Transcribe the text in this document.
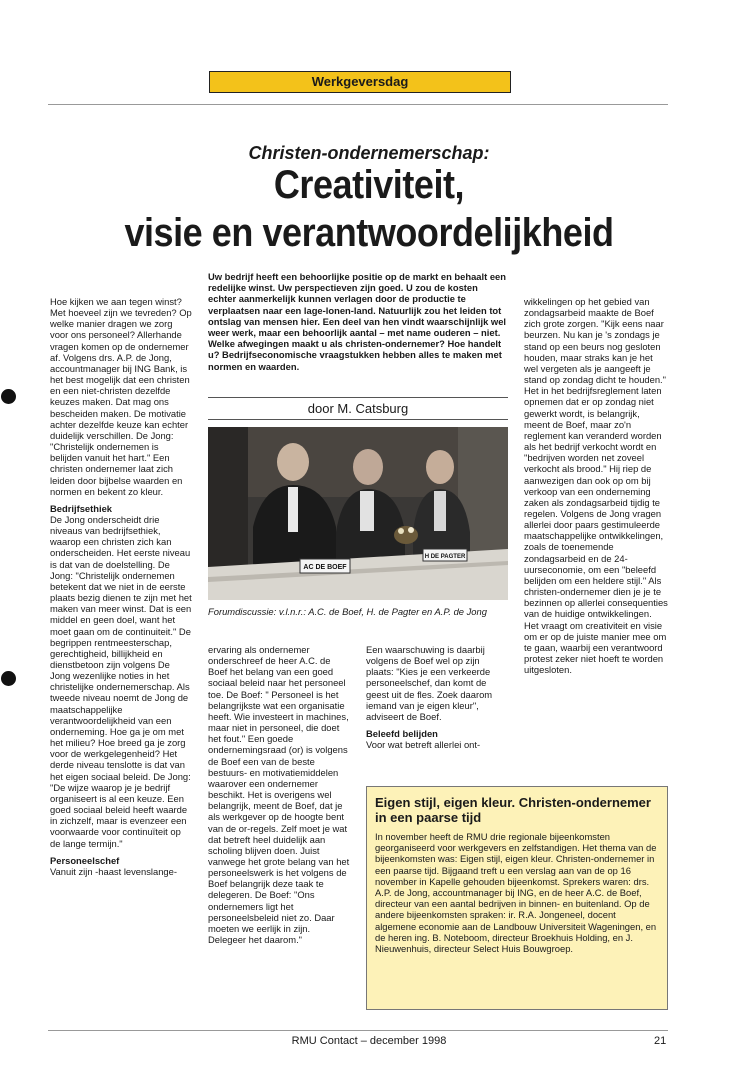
Werkgeversdag
Christen-ondernemerschap:
Creativiteit,
visie en verantwoordelijkheid
Uw bedrijf heeft een behoorlijke positie op de markt en behaalt een redelijke winst. Uw perspectieven zijn goed. U zou de kosten echter aanmerkelijk kunnen verlagen door de productie te verplaatsen naar een lage-lonen-land. Natuurlijk zou het leiden tot ontslag van mensen hier. Een deel van hen vindt waarschijnlijk wel weer werk, maar een behoorlijk aantal – met name ouderen – niet. Welke afwegingen maakt u als christen-ondernemer? Hoe handelt u? Bedrijfseconomische vraagstukken hebben alles te maken met normen en waarden.
door M. Catsburg

Hoe kijken we aan tegen winst? Met hoeveel zijn we tevreden? Op welke manier dragen we zorg voor ons personeel? Allerhande vragen komen op de ondernemer af. Volgens drs. A.P. de Jong, accountmanager bij ING Bank, is het best mogelijk dat een christen en een niet-christen dezelfde keuzes maken. Dat mag ons bescheiden maken. De motivatie achter dezelfde keuze kan echter duidelijk verschillen. De Jong: "Christelijk ondernemen is belijden vanuit het hart." Een christen ondernemer laat zich leiden door bijbelse waarden en normen en bekent zo kleur.

Bedrijfsethiek

De Jong onderscheidt drie niveaus van bedrijfsethiek, waarop een christen zich kan onderscheiden. Het eerste niveau is dat van de doelstelling. De Jong: "Christelijk ondernemen betekent dat we niet in de eerste plaats bezig dienen te zijn met het maken van meer winst. Dat is een middel en geen doel, want het moet gaan om de continuiteit." De begrippen rentmeesterschap, gerechtigheid, billijkheid en dienstbetoon zijn volgens De Jong wezenlijke noties in het christelijke ondernemerschap. Als tweede niveau noemt de Jong de maatschappelijke verantwoordelijkheid van een onderneming. Hoe ga je om met het milieu? Hoe breed ga je zorg voor de werkgelegenheid? Het derde niveau tenslotte is dat van het eigen sociaal beleid. De Jong: "De wijze waarop je je bedrijf organiseert is al een keuze. Een goed sociaal beleid heeft waarde in zichzelf, maar is evenzeer een voorwaarde voor continuïteit op de lange termijn."

Personeelschef

Vanuit zijn -haast levenslange-

AC DE BOEF
H DE PAGTER
Forumdiscussie: v.l.n.r.: A.C. de Boef, H. de Pagter en A.P. de Jong

ervaring als ondernemer onderschreef de heer A.C. de Boef het belang van een goed sociaal beleid naar het personeel toe. De Boef: " Personeel is het belangrijkste wat een organisatie heeft. Wie investeert in machines, maar niet in personeel, die doet het fout." Een goede ondernemingsraad (or) is volgens de Boef een van de beste bestuurs- en motivatiemiddelen waarover een ondernemer beschikt. Het is overigens wel belangrijk, meent de Boef, dat je als werkgever op de hoogte bent van de or-regels. Zelf moet je wat dat betreft heel duidelijk aan scholing blijven doen. Juist vanwege het grote belang van het personeelswerk is het volgens de Boef belangrijk deze taak te delegeren. De Boef: "Ons ondernemers ligt het personeelsbeleid niet zo. Daar moeten we eerlijk in zijn. Delegeer het daarom."

Een waarschuwing is daarbij volgens de Boef wel op zijn plaats: "Kies je een verkeerde personeelschef, dan komt de geest uit de fles. Zoek daarom iemand van je eigen kleur", adviseert de Boef.

Beleefd belijden

Voor wat betreft allerlei ont-

wikkelingen op het gebied van zondagsarbeid maakte de Boef zich grote zorgen. "Kijk eens naar beurzen. Nu kan je 's zondags je stand op een beurs nog gesloten houden, maar straks kan je het wel vergeten als je aangeeft je stand op zondag dicht te houden." Het in het bedrijfsreglement laten opnemen dat er op zondag niet gewerkt wordt, is belangrijk, meent de Boef, maar zo'n reglement kan veranderd worden als het bedrijf verkocht wordt en "bedrijven worden net zoveel verkocht als brood." Hij riep de aanwezigen dan ook op om bij verkoop van een onderneming zaken als zondagsarbeid tijdig te regelen. Volgens de Jong vragen allerlei door paars gestimuleerde maatschappelijke ontwikkelingen, zoals de toenemende zondagsarbeid en de 24-uurseconomie, om een "beleefd belijden om een heldere stijl." Als christen-ondernemer dien je je te bezinnen op allerlei consequenties van de huidige ontwikkelingen. Het vraagt om creativiteit en visie om er op de juiste manier mee om te gaan, waarbij een verantwoord protest zeker niet hoeft te worden uitgesloten.

Eigen stijl, eigen kleur. Christen-ondernemer in een paarse tijd

In november heeft de RMU drie regionale bijeenkomsten georganiseerd voor werkgevers en zelfstandigen. Het thema van de bijeenkomsten was: Eigen stijl, eigen kleur. Christen-ondernemer in een paarse tijd. Bijgaand treft u een verslag aan van de op 16 november in Kapelle gehouden bijeenkomst. Sprekers waren: drs. A.P. de Jong, accountmanager bij ING, en de heer A.C. de Boef, directeur van een aantal bedrijven in binnen- en buitenland. Op de andere bijeenkomsten spraken: ir. R.A. Jongeneel, docent algemene economie aan de Landbouw Universiteit Wageningen, en de heren ing. B. Noteboom, directeur Broekhuis Holding, en J. Nieuwenhuis, directeur Select Huis Bouwgroep.

RMU Contact – december 1998	21
